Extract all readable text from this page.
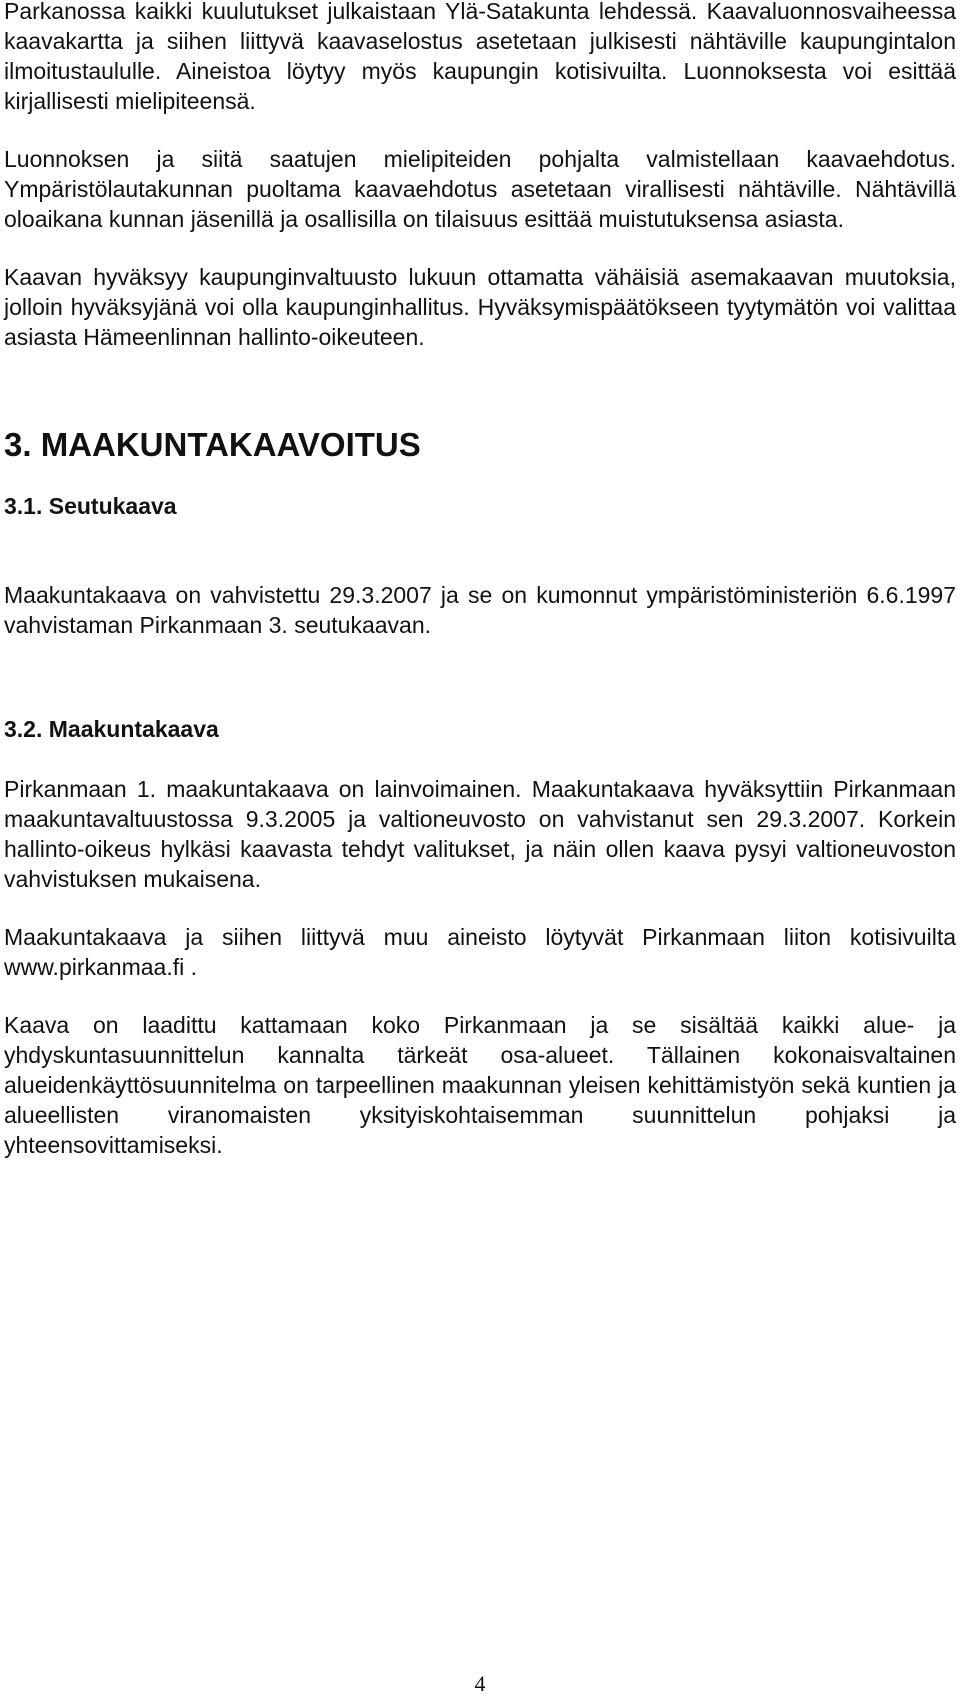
Parkanossa kaikki kuulutukset julkaistaan Ylä-Satakunta lehdessä. Kaavaluonnosvaiheessa kaavakartta ja siihen liittyvä kaavaselostus asetetaan julkisesti nähtäville kaupungintalon ilmoitustaululle. Aineistoa löytyy myös kaupungin kotisivuilta. Luonnoksesta voi esittää kirjallisesti mielipiteensä.

Luonnoksen ja siitä saatujen mielipiteiden pohjalta valmistellaan kaavaehdotus. Ympäristölautakunnan puoltama kaavaehdotus asetetaan virallisesti nähtäville. Nähtävillä oloaikana kunnan jäsenillä ja osallisilla on tilaisuus esittää muistutuksensa asiasta.

Kaavan hyväksyy kaupunginvaltuusto lukuun ottamatta vähäisiä asemakaavan muutoksia, jolloin hyväksyjänä voi olla kaupunginhallitus. Hyväksymispäätökseen tyytymätön voi valittaa asiasta Hämeenlinnan hallinto-oikeuteen.

3. MAAKUNTAKAAVOITUS
3.1. Seutukaava

Maakuntakaava on vahvistettu 29.3.2007 ja se on kumonnut ympäristöministeriön 6.6.1997 vahvistaman Pirkanmaan 3. seutukaavan.

3.2. Maakuntakaava

Pirkanmaan 1. maakuntakaava on lainvoimainen. Maakuntakaava hyväksyttiin Pirkanmaan maakuntavaltuustossa 9.3.2005 ja valtioneuvosto on vahvistanut sen 29.3.2007. Korkein hallinto-oikeus hylkäsi kaavasta tehdyt valitukset, ja näin ollen kaava pysyi valtioneuvoston vahvistuksen mukaisena.

Maakuntakaava ja siihen liittyvä muu aineisto löytyvät Pirkanmaan liiton kotisivuilta www.pirkanmaa.fi .

Kaava on laadittu kattamaan koko Pirkanmaan ja se sisältää kaikki alue- ja yhdyskuntasuunnittelun kannalta tärkeät osa-alueet. Tällainen kokonaisvaltainen alueidenkäyttösuunnitelma on tarpeellinen maakunnan yleisen kehittämistyön sekä kuntien ja alueellisten viranomaisten yksityiskohtaisemman suunnittelun pohjaksi ja yhteensovittamiseksi.

4
